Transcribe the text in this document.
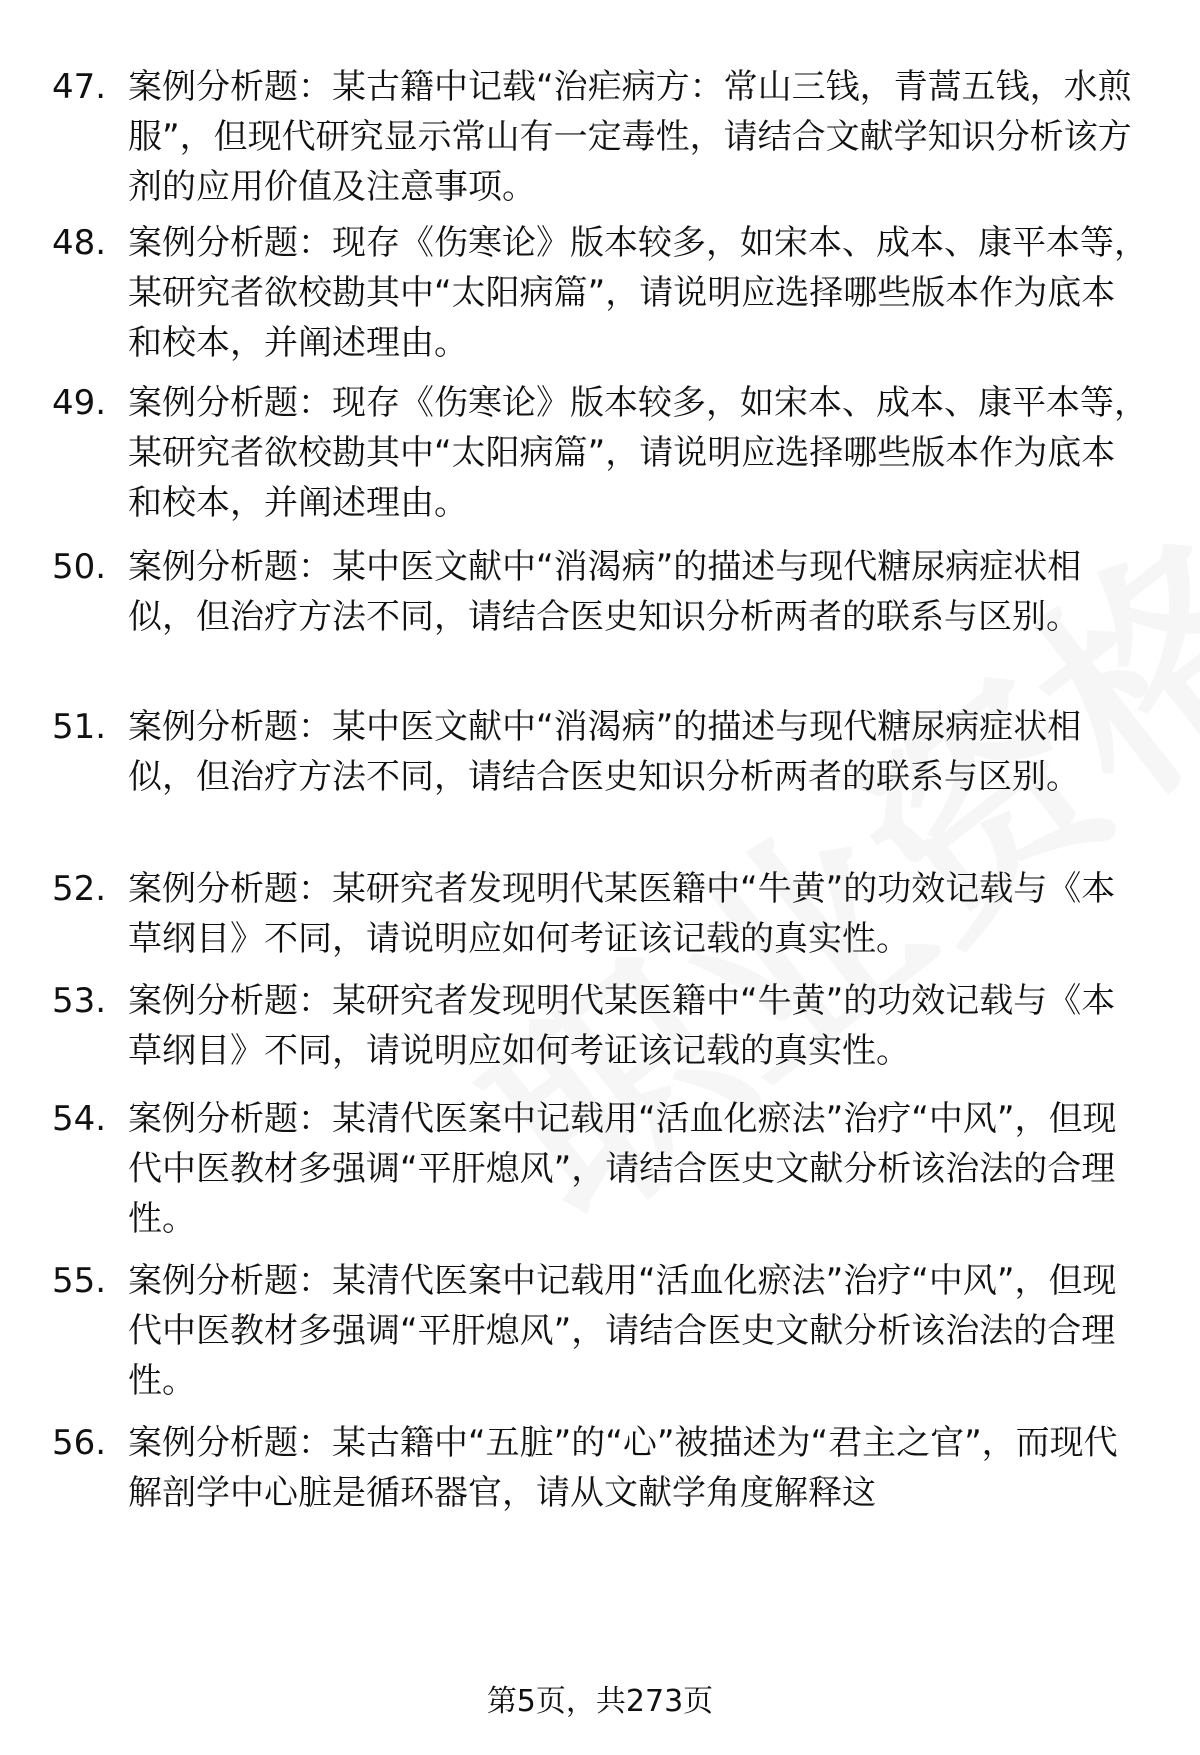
47. 案例分析题：某古籍中记载“治疟病方：常山三钱，青蒿五钱，水煎服”，但现代研究显示常山有一定毒性，请结合文献学知识分析该方剂的应用价值及注意事项。
48. 案例分析题：现存《伤寒论》版本较多，如宋本、成本、康平本等，某研究者欲校勘其中“太阳病篇”，请说明应选择哪些版本作为底本和校本，并阐述理由。
49. 案例分析题：现存《伤寒论》版本较多，如宋本、成本、康平本等，某研究者欲校勘其中“太阳病篇”，请说明应选择哪些版本作为底本和校本，并阐述理由。
50. 案例分析题：某中医文献中“消渴病”的描述与现代糖尿病症状相似，但治疗方法不同，请结合医史知识分析两者的联系与区别。
51. 案例分析题：某中医文献中“消渴病”的描述与现代糖尿病症状相似，但治疗方法不同，请结合医史知识分析两者的联系与区别。
52. 案例分析题：某研究者发现明代某医籍中“牛黄”的功效记载与《本草纲目》不同，请说明应如何考证该记载的真实性。
53. 案例分析题：某研究者发现明代某医籍中“牛黄”的功效记载与《本草纲目》不同，请说明应如何考证该记载的真实性。
54. 案例分析题：某清代医案中记载用“活血化瘀法”治疗“中风”，但现代中医教材多强调“平肝熄风”，请结合医史文献分析该治法的合理性。
55. 案例分析题：某清代医案中记载用“活血化瘀法”治疗“中风”，但现代中医教材多强调“平肝熄风”，请结合医史文献分析该治法的合理性。
56. 案例分析题：某古籍中“五脏”的“心”被描述为“君主之官”，而现代解剖学中心脏是循环器官，请从文献学角度解释这
第5页，共273页
